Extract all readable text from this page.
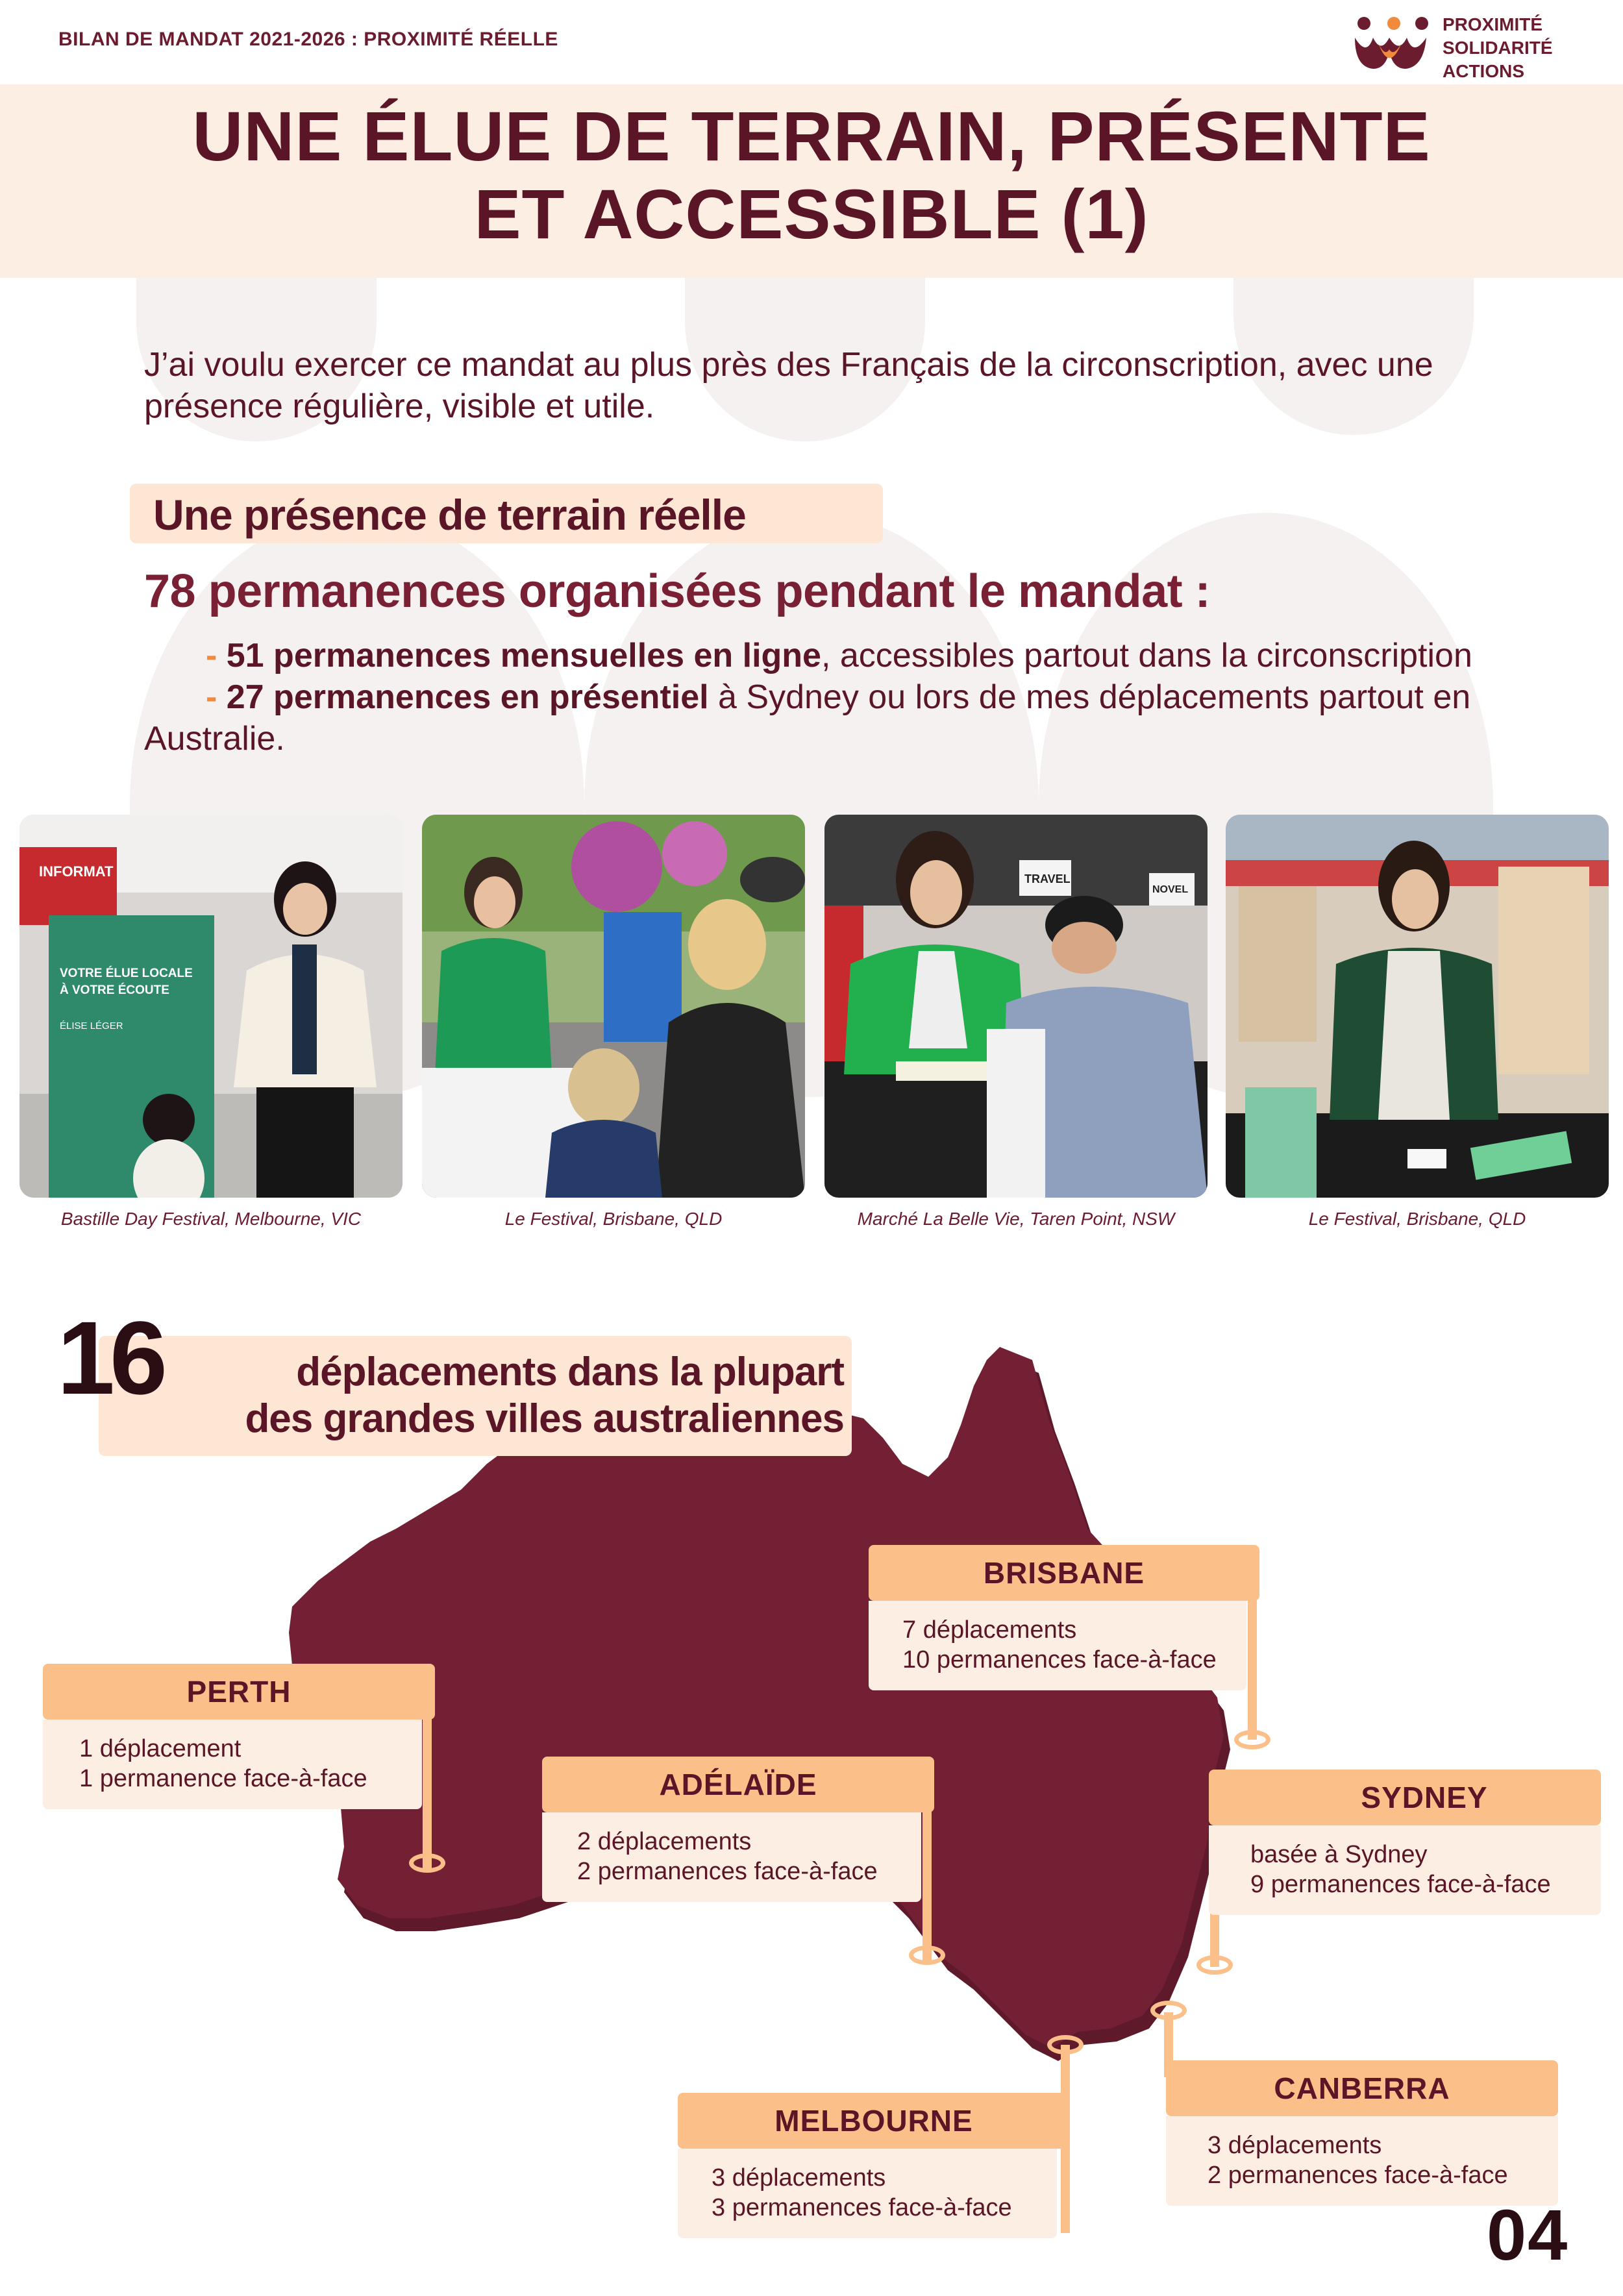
BILAN DE MANDAT 2021-2026 : PROXIMITÉ RÉELLE
PROXIMITÉ
SOLIDARITÉ
ACTIONS
UNE ÉLUE DE TERRAIN, PRÉSENTE
ET ACCESSIBLE (1)
J’ai voulu exercer ce mandat au plus près des Français de la circonscription, avec une présence régulière, visible et utile.
Une présence de terrain réelle
78 permanences organisées pendant le mandat :
- 51 permanences mensuelles en ligne, accessibles partout dans la circonscription
- 27 permanences en présentiel à Sydney ou lors de mes déplacements partout en Australie.
INFORMAT
VOTRE ÉLUE LOCALE
À VOTRE ÉCOUTE
ÉLISE LÉGER
TRAVEL
NOVEL
Bastille Day Festival, Melbourne, VIC	Le Festival, Brisbane, QLD	Marché La Belle Vie, Taren Point, NSW	Le Festival, Brisbane, QLD
16	déplacements dans la plupart
des grandes villes australiennes
BRISBANE
7 déplacements
10 permanences face-à-face
PERTH
1 déplacement
1 permanence face-à-face	ADÉLAÏDE
2 déplacements
2 permanences face-à-face
SYDNEY
basée à Sydney
9 permanences face-à-face
CANBERRA
3 déplacements
2 permanences face-à-face
MELBOURNE
3 déplacements
3 permanences face-à-face	04
